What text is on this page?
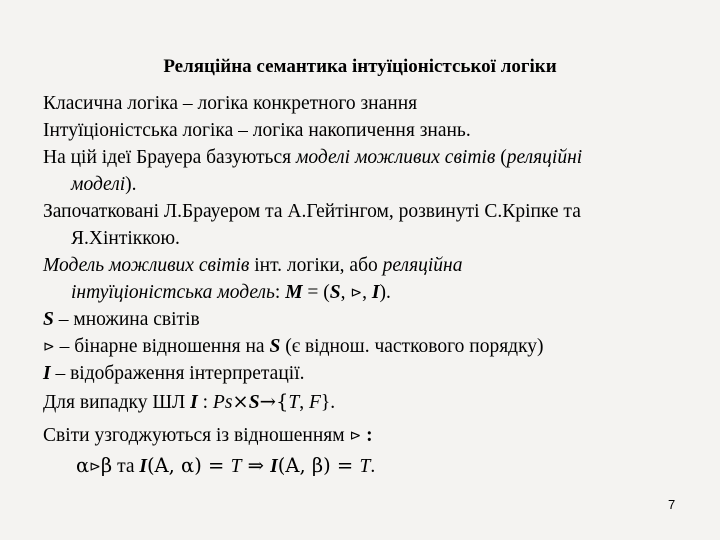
Реляційна семантика інтуїціоністської логіки
Класична логіка – логіка конкретного знання
Інтуїціоністська логіка – логіка накопичення знань.
На цій ідеї Брауера базуються моделі можливих світів (реляційні
моделі).
Започатковані Л.Брауером та А.Гейтінгом, розвинуті С.Кріпке та
Я.Хінтіккою.
Модель можливих світів інт. логіки, або реляційна
інтуїціоністська модель: M = (S, ⊳, I).
S – множина світів
⊳ – бінарне відношення на S (є віднош. часткового порядку)
I – відображення інтерпретації.
Для випадку ШЛ I : Ps×S→{T, F}.
Світи узгоджуються із відношенням ⊳ :
α⊳β та I(A, α) = T ⇒ I(A, β) = T.
7
